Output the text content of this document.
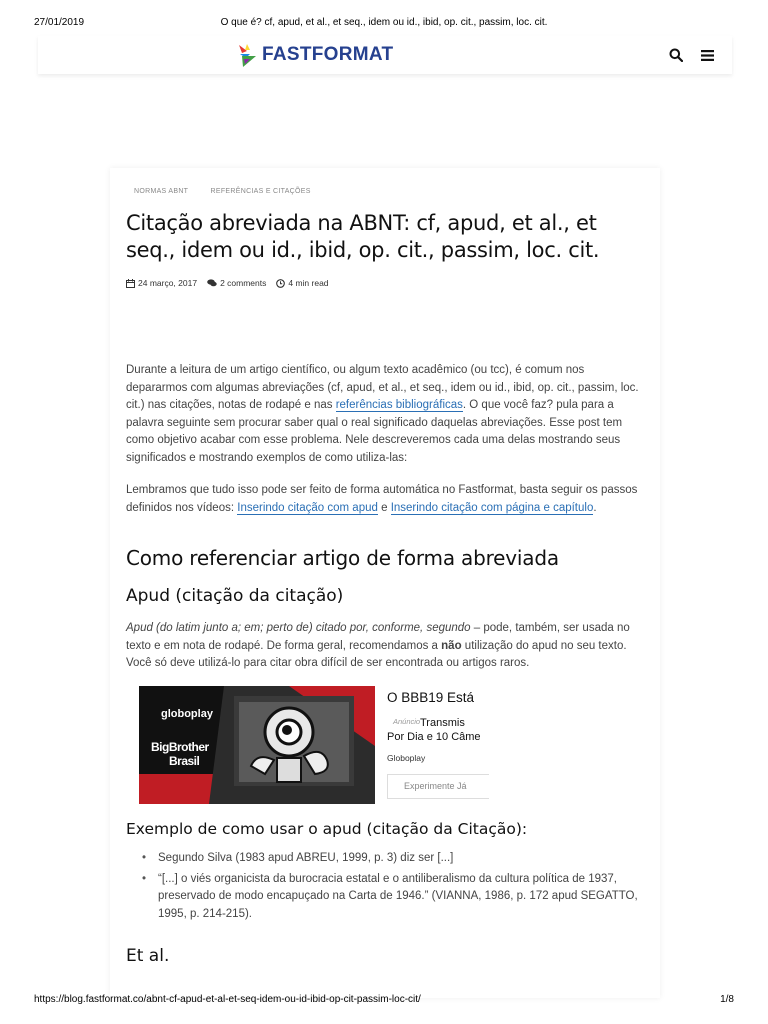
27/01/2019	O que é? cf, apud, et al., et seq., idem ou id., ibid, op. cit., passim, loc. cit.
FASTFORMAT
NORMAS ABNT	REFERÊNCIAS E CITAÇÕES
Citação abreviada na ABNT: cf, apud, et al., et seq., idem ou id., ibid, op. cit., passim, loc. cit.
24 março, 2017	2 comments	4 min read

Durante a leitura de um artigo científico, ou algum texto acadêmico (ou tcc), é comum nos depararmos com algumas abreviações (cf, apud, et al., et seq., idem ou id., ibid, op. cit., passim, loc. cit.) nas citações, notas de rodapé e nas referências bibliográficas. O que você faz? pula para a palavra seguinte sem procurar saber qual o real significado daquelas abreviações. Esse post tem como objetivo acabar com esse problema. Nele descreveremos cada uma delas mostrando seus significados e mostrando exemplos de como utiliza-las:

Lembramos que tudo isso pode ser feito de forma automática no Fastformat, basta seguir os passos definidos nos vídeos: Inserindo citação com apud e Inserindo citação com página e capítulo.

Como referenciar artigo de forma abreviada
Apud (citação da citação)

Apud (do latim junto a; em; perto de) citado por, conforme, segundo – pode, também, ser usada no texto e em nota de rodapé. De forma geral, recomendamos a não utilização do apud no seu texto. Você só deve utilizá-lo para citar obra difícil de ser encontrada ou artigos raros.

globoplay
BigBrother
Brasil
O BBB19 Está
Anúncio Transmis
Por Dia e 10 Câme
Globoplay
Experimente Já
Exemplo de como usar o apud (citação da Citação):
• Segundo Silva (1983 apud ABREU, 1999, p. 3) diz ser [...]
• “[...] o viés organicista da burocracia estatal e o antiliberalismo da cultura política de 1937, preservado de modo encapuçado na Carta de 1946.” (VIANNA, 1986, p. 172 apud SEGATTO, 1995, p. 214-215).
Et al.
https://blog.fastformat.co/abnt-cf-apud-et-al-et-seq-idem-ou-id-ibid-op-cit-passim-loc-cit/	1/8
